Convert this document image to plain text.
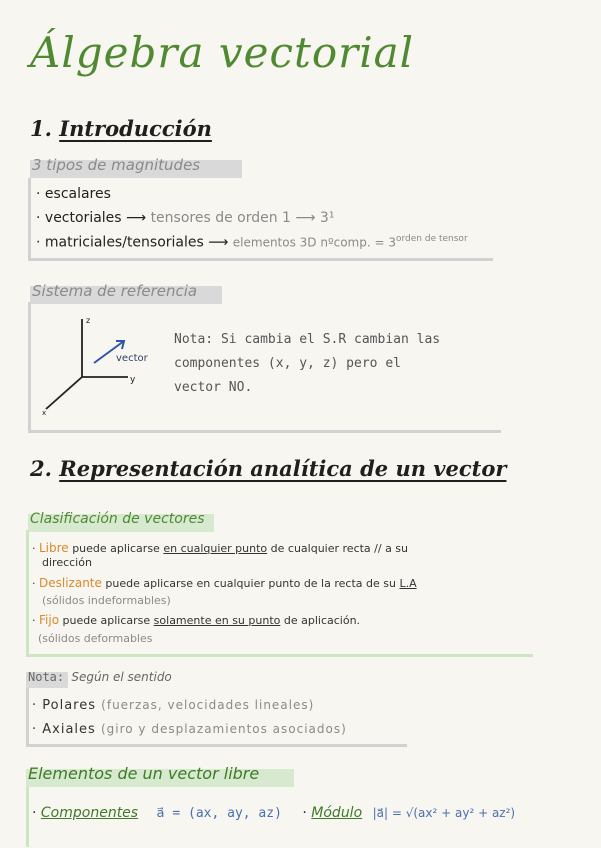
Álgebra vectorial
1. Introducción
3 tipos de magnitudes
· escalares
· vectoriales ⟶ tensores de orden 1 ⟶ 3¹
· matriciales/tensoriales ⟶ elementos 3D nºcomp. = $3^{orden de tensor}$
Sistema de referencia
z
y
x
vector
Nota: Si cambia el S.R cambian las
componentes (x, y, z) pero el
vector NO.
2. Representación analítica de un vector
Clasificación de vectores
· Libre puede aplicarse en cualquier punto de cualquier recta // a su
dirección
· Deslizante puede aplicarse en cualquier punto de la recta de su L.A
(sólidos indeformables)
· Fijo puede aplicarse solamente en su punto de aplicación.
(sólidos deformables
Nota: Según el sentido
· Polares (fuerzas, velocidades lineales)
· Axiales (giro y desplazamientos asociados)
Elementos de un vector libre
· Componentes a⃗ = (ax, ay, az) · Módulo |a⃗| = √(ax² + ay² + az²)
